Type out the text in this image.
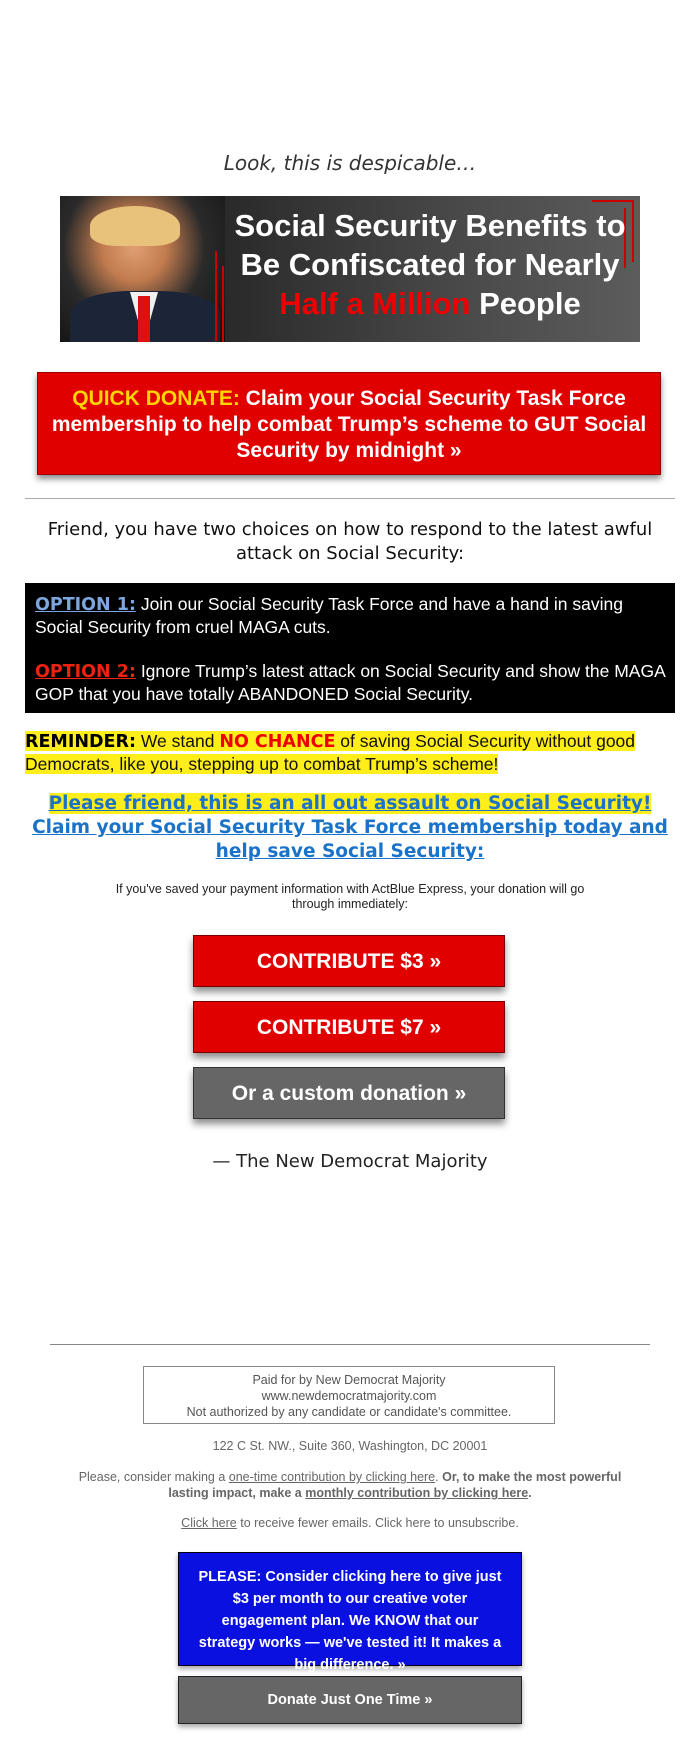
Look, this is despicable…
Social Security Benefits to
Be Confiscated for Nearly
Half a Million People
QUICK DONATE: Claim your Social Security Task Force membership to help combat Trump’s scheme to GUT Social Security by midnight »
Friend, you have two choices on how to respond to the latest awful attack on Social Security:

OPTION 1: Join our Social Security Task Force and have a hand in saving Social Security from cruel MAGA cuts.

OPTION 2: Ignore Trump’s latest attack on Social Security and show the MAGA GOP that you have totally ABANDONED Social Security.

REMINDER: We stand NO CHANCE of saving Social Security without good Democrats, like you, stepping up to combat Trump’s scheme!
Please friend, this is an all out assault on Social Security! Claim your Social Security Task Force membership today and help save Social Security:
If you've saved your payment information with ActBlue Express, your donation will go through immediately:
CONTRIBUTE $3 »
CONTRIBUTE $7 »
Or a custom donation »
— The New Democrat Majority
Paid for by New Democrat Majority
www.newdemocratmajority.com
Not authorized by any candidate or candidate's committee.
122 C St. NW., Suite 360, Washington, DC 20001
Please, consider making a one-time contribution by clicking here. Or, to make the most powerful lasting impact, make a monthly contribution by clicking here.
Click here to receive fewer emails. Click here to unsubscribe.
PLEASE: Consider clicking here to give just $3 per month to our creative voter engagement plan. We KNOW that our strategy works — we've tested it! It makes a big difference. »
Donate Just One Time »
